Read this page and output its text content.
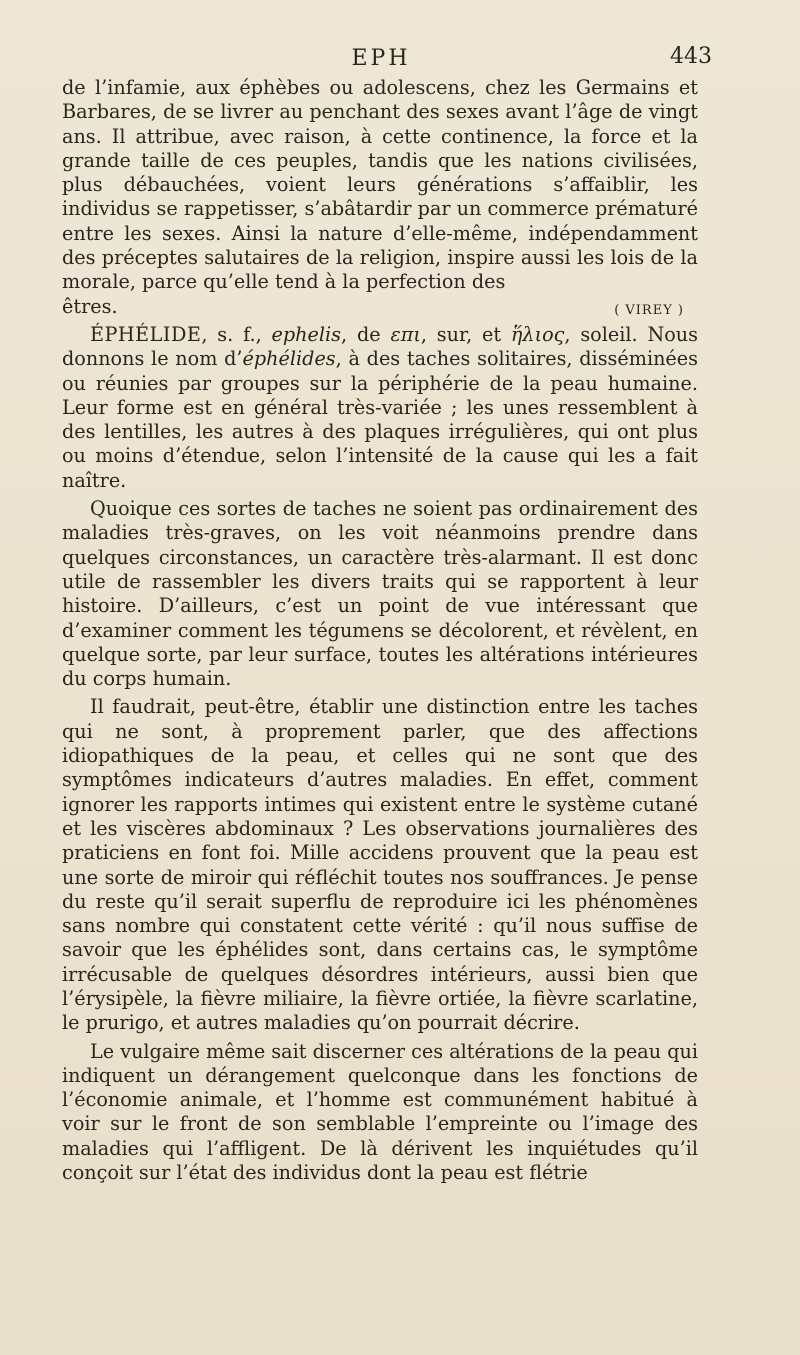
EPH	443

de l’infamie, aux éphèbes ou adolescens, chez les Germains et Barbares, de se livrer au penchant des sexes avant l’âge de vingt ans. Il attribue, avec raison, à cette continence, la force et la grande taille de ces peuples, tandis que les nations civilisées, plus débauchées, voient leurs générations s’affaiblir, les individus se rappetisser, s’abâtardir par un commerce prématuré entre les sexes. Ainsi la nature d’elle-même, indépendamment des préceptes salutaires de la religion, inspire aussi les lois de la morale, parce qu’elle tend à la perfection des

êtres.	( VIREY )

ÉPHÉLIDE, s. f., ephelis, de επι, sur, et ἥλιος, soleil. Nous donnons le nom d’éphélides, à des taches solitaires, disséminées ou réunies par groupes sur la périphérie de la peau humaine. Leur forme est en général très-variée ; les unes ressemblent à des lentilles, les autres à des plaques irrégulières, qui ont plus ou moins d’étendue, selon l’intensité de la cause qui les a fait naître.

Quoique ces sortes de taches ne soient pas ordinairement des maladies très-graves, on les voit néanmoins prendre dans quelques circonstances, un caractère très-alarmant. Il est donc utile de rassembler les divers traits qui se rapportent à leur histoire. D’ailleurs, c’est un point de vue intéressant que d’examiner comment les tégumens se décolorent, et révèlent, en quelque sorte, par leur surface, toutes les altérations intérieures du corps humain.

Il faudrait, peut-être, établir une distinction entre les taches qui ne sont, à proprement parler, que des affections idiopathiques de la peau, et celles qui ne sont que des symptômes indicateurs d’autres maladies. En effet, comment ignorer les rapports intimes qui existent entre le système cutané et les viscères abdominaux ? Les observations journalières des praticiens en font foi. Mille accidens prouvent que la peau est une sorte de miroir qui réfléchit toutes nos souffrances. Je pense du reste qu’il serait superflu de reproduire ici les phénomènes sans nombre qui constatent cette vérité : qu’il nous suffise de savoir que les éphélides sont, dans certains cas, le symptôme irrécusable de quelques désordres intérieurs, aussi bien que l’érysipèle, la fièvre miliaire, la fièvre ortiée, la fièvre scarlatine, le prurigo, et autres maladies qu’on pourrait décrire.

Le vulgaire même sait discerner ces altérations de la peau qui indiquent un dérangement quelconque dans les fonctions de l’économie animale, et l’homme est communément habitué à voir sur le front de son semblable l’empreinte ou l’image des maladies qui l’affligent. De là dérivent les inquiétudes qu’il conçoit sur l’état des individus dont la peau est flétrie
